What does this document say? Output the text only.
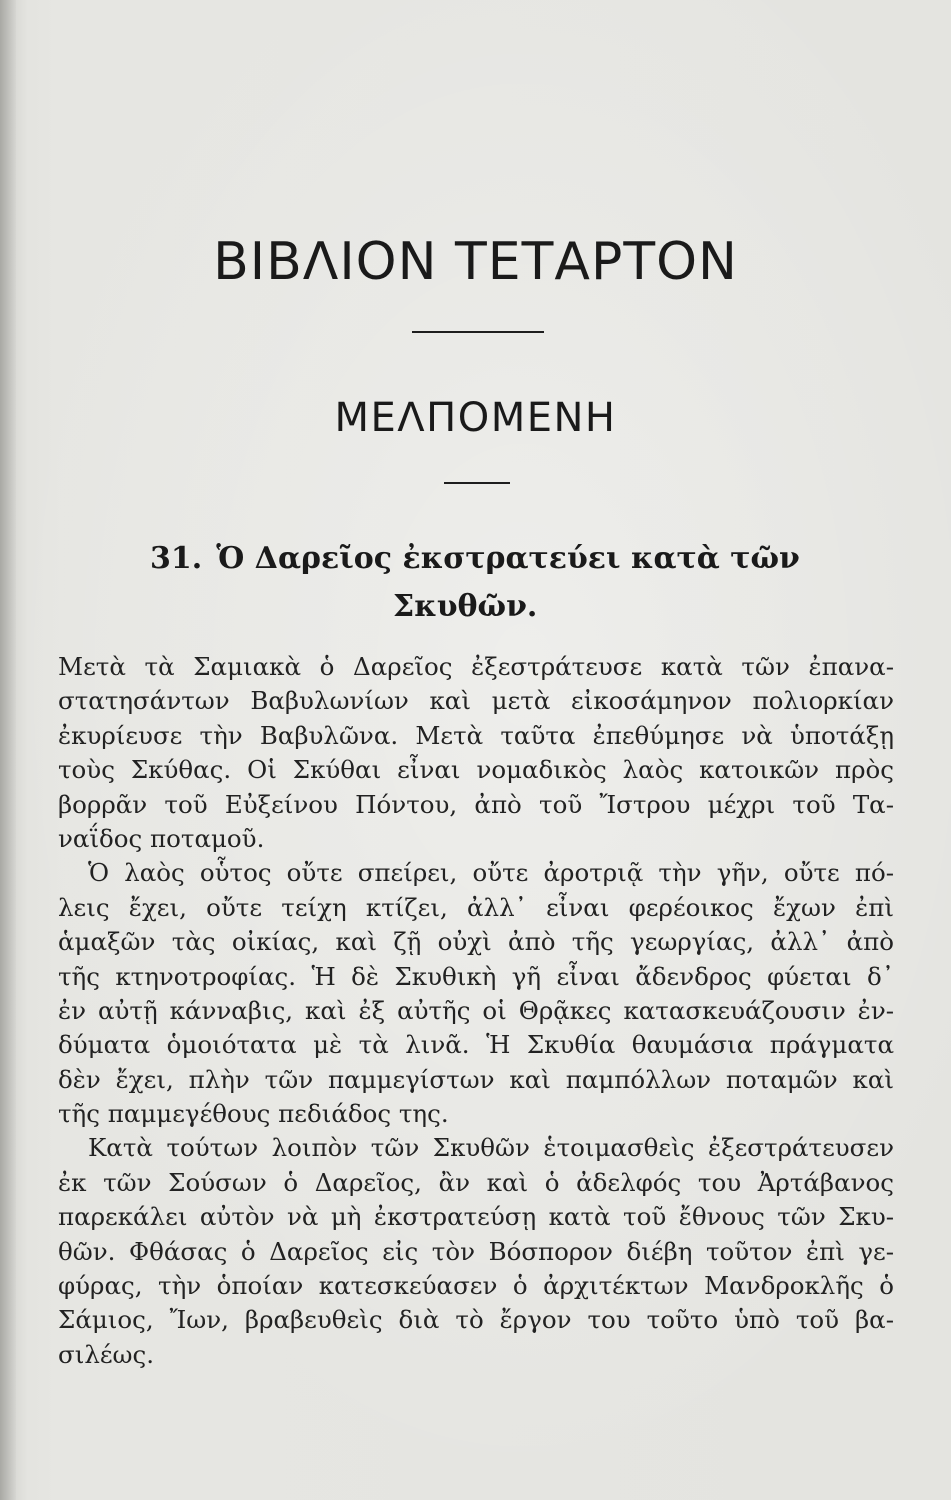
ΒΙΒΛΙΟΝ ΤΕΤΑΡΤΟΝ
ΜΕΛΠΟΜΕΝΗ
31. Ὁ Δαρεῖος ἐκστρατεύει κατὰ τῶν
Σκυθῶν.
Μετὰ τὰ Σαμιακὰ ὁ Δαρεῖος ἐξεστράτευσε κατὰ τῶν ἐπανα-
στατησάντων Βαβυλωνίων καὶ μετὰ εἰκοσάμηνον πολιορκίαν
ἐκυρίευσε τὴν Βαβυλῶνα. Μετὰ ταῦτα ἐπεθύμησε νὰ ὑποτάξῃ
τοὺς Σκύθας. Οἱ Σκύθαι εἶναι νομαδικὸς λαὸς κατοικῶν πρὸς
βορρᾶν τοῦ Εὐξείνου Πόντου, ἀπὸ τοῦ Ἴστρου μέχρι τοῦ Τα-
ναΐδος ποταμοῦ.
Ὁ λαὸς οὗτος οὔτε σπείρει, οὔτε ἀροτριᾷ τὴν γῆν, οὔτε πό-
λεις ἔχει, οὔτε τείχη κτίζει, ἀλλ᾽ εἶναι φερέοικος ἔχων ἐπὶ
ἁμαξῶν τὰς οἰκίας, καὶ ζῇ οὐχὶ ἀπὸ τῆς γεωργίας, ἀλλ᾽ ἀπὸ
τῆς κτηνοτροφίας. Ἡ δὲ Σκυθικὴ γῆ εἶναι ἄδενδρος φύεται δ᾽
ἐν αὐτῇ κάνναβις, καὶ ἐξ αὐτῆς οἱ Θρᾷκες κατασκευάζουσιν ἐν-
δύματα ὁμοιότατα μὲ τὰ λινᾶ. Ἡ Σκυθία θαυμάσια πράγματα
δὲν ἔχει, πλὴν τῶν παμμεγίστων καὶ παμπόλλων ποταμῶν καὶ
τῆς παμμεγέθους πεδιάδος της.
Κατὰ τούτων λοιπὸν τῶν Σκυθῶν ἑτοιμασθεὶς ἐξεστράτευσεν
ἐκ τῶν Σούσων ὁ Δαρεῖος, ἂν καὶ ὁ ἀδελφός του Ἀρτάβανος
παρεκάλει αὐτὸν νὰ μὴ ἐκστρατεύσῃ κατὰ τοῦ ἔθνους τῶν Σκυ-
θῶν. Φθάσας ὁ Δαρεῖος εἰς τὸν Βόσπορον διέβη τοῦτον ἐπὶ γε-
φύρας, τὴν ὁποίαν κατεσκεύασεν ὁ ἀρχιτέκτων Μανδροκλῆς ὁ
Σάμιος, Ἴων, βραβευθεὶς διὰ τὸ ἔργον του τοῦτο ὑπὸ τοῦ βα-
σιλέως.
